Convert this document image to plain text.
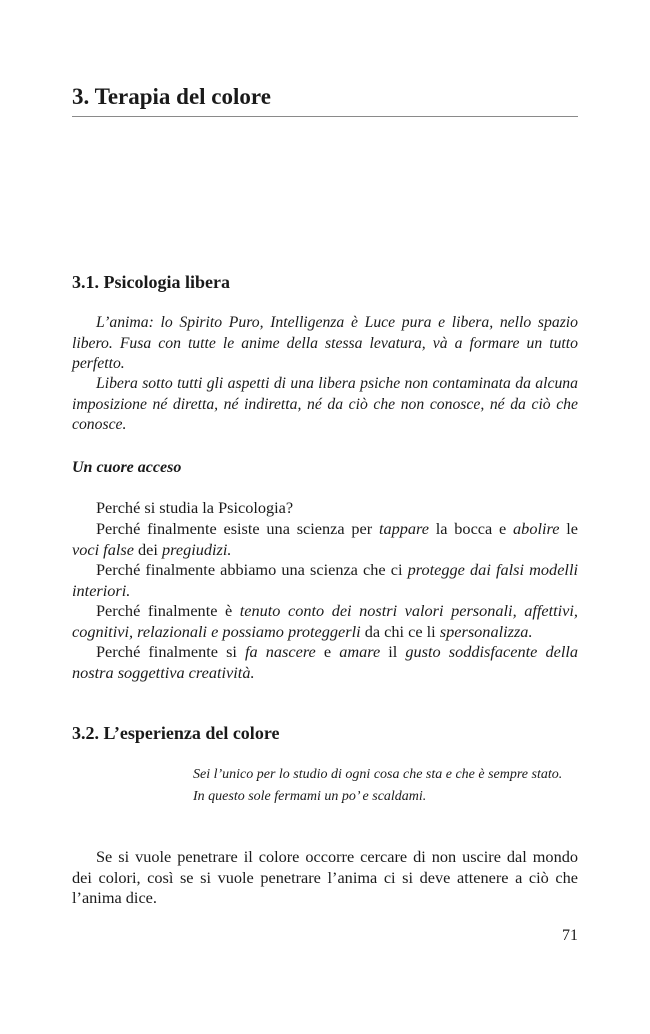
3. Terapia del colore
3.1. Psicologia libera

L’anima: lo Spirito Puro, Intelligenza è Luce pura e libera, nello spazio libero. Fusa con tutte le anime della stessa levatura, và a formare un tutto perfetto.

Libera sotto tutti gli aspetti di una libera psiche non contaminata da alcuna imposizione né diretta, né indiretta, né da ciò che non conosce, né da ciò che conosce.

Un cuore acceso

Perché si studia la Psicologia?

Perché finalmente esiste una scienza per tappare la bocca e abolire le voci false dei pregiudizi.

Perché finalmente abbiamo una scienza che ci protegge dai falsi modelli interiori.

Perché finalmente è tenuto conto dei nostri valori personali, affettivi, cognitivi, relazionali e possiamo proteggerli da chi ce li spersonalizza.

Perché finalmente si fa nascere e amare il gusto soddisfacente della nostra soggettiva creatività.

3.2. L’esperienza del colore
Sei l’unico per lo studio di ogni cosa che sta e che è sempre stato.
In questo sole fermami un po’ e scaldami.

Se si vuole penetrare il colore occorre cercare di non uscire dal mondo dei colori, così se si vuole penetrare l’anima ci si deve attenere a ciò che l’anima dice.

71
